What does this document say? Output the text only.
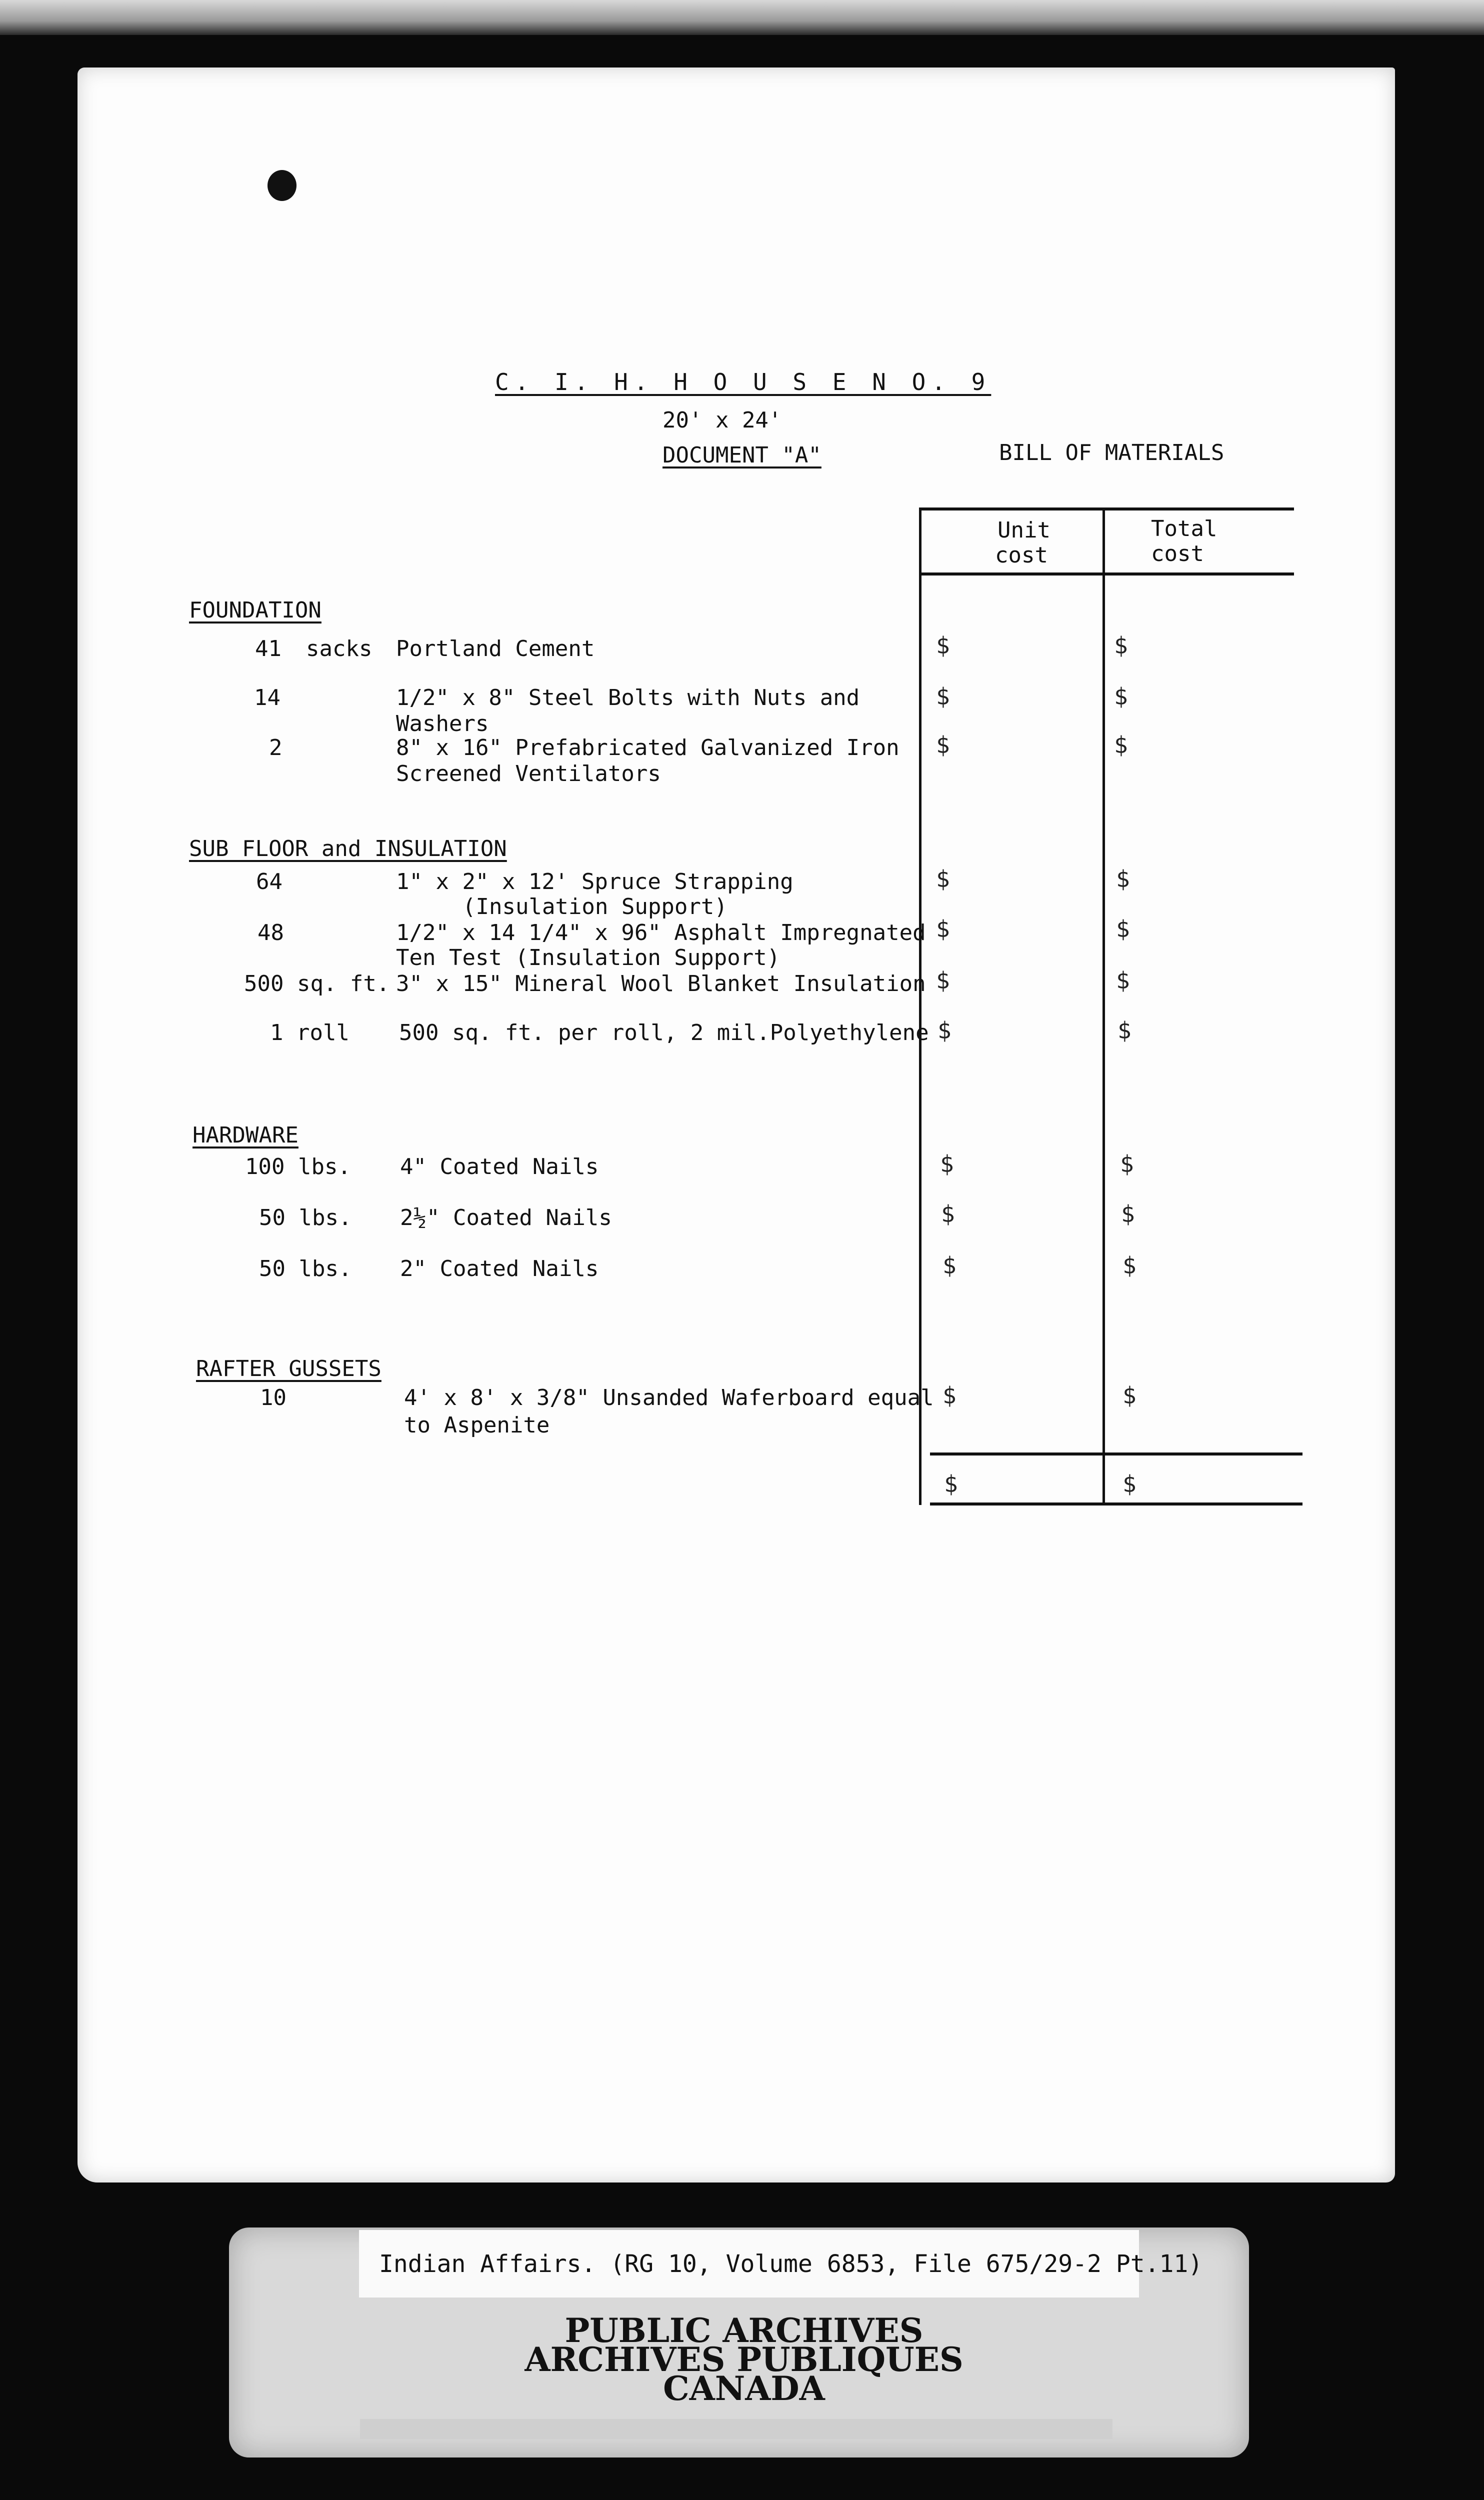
C. I. H. H O U S E N O. 9
20' x 24'
DOCUMENT "A"	BILL OF MATERIALS
Unit
cost
Total
cost
FOUNDATION
41 sacks Portland Cement	$	$
14	1/2" x 8" Steel Bolts with Nuts and
Washers
$	$
2	8" x 16" Prefabricated Galvanized Iron
Screened Ventilators
$	$
SUB FLOOR and INSULATION
64	1" x 2" x 12' Spruce Strapping
(Insulation Support)
$	$
48	1/2" x 14 1/4" x 96" Asphalt Impregnated
Ten Test (Insulation Support)
$	$
500 sq. ft. 3" x 15" Mineral Wool Blanket Insulation $	$
1 roll 500 sq. ft. per roll, 2 mil.Polyethylene $	$
HARDWARE
100 lbs. 4" Coated Nails	$	$
50 lbs. 2½" Coated Nails	$	$
50 lbs. 2" Coated Nails	$	$
RAFTER GUSSETS
10	4' x 8' x 3/8" Unsanded Waferboard equal
to Aspenite
$	$
$	$
Indian Affairs. (RG 10, Volume 6853, File 675/29-2 Pt.11)
PUBLIC ARCHIVES
ARCHIVES PUBLIQUES
CANADA
